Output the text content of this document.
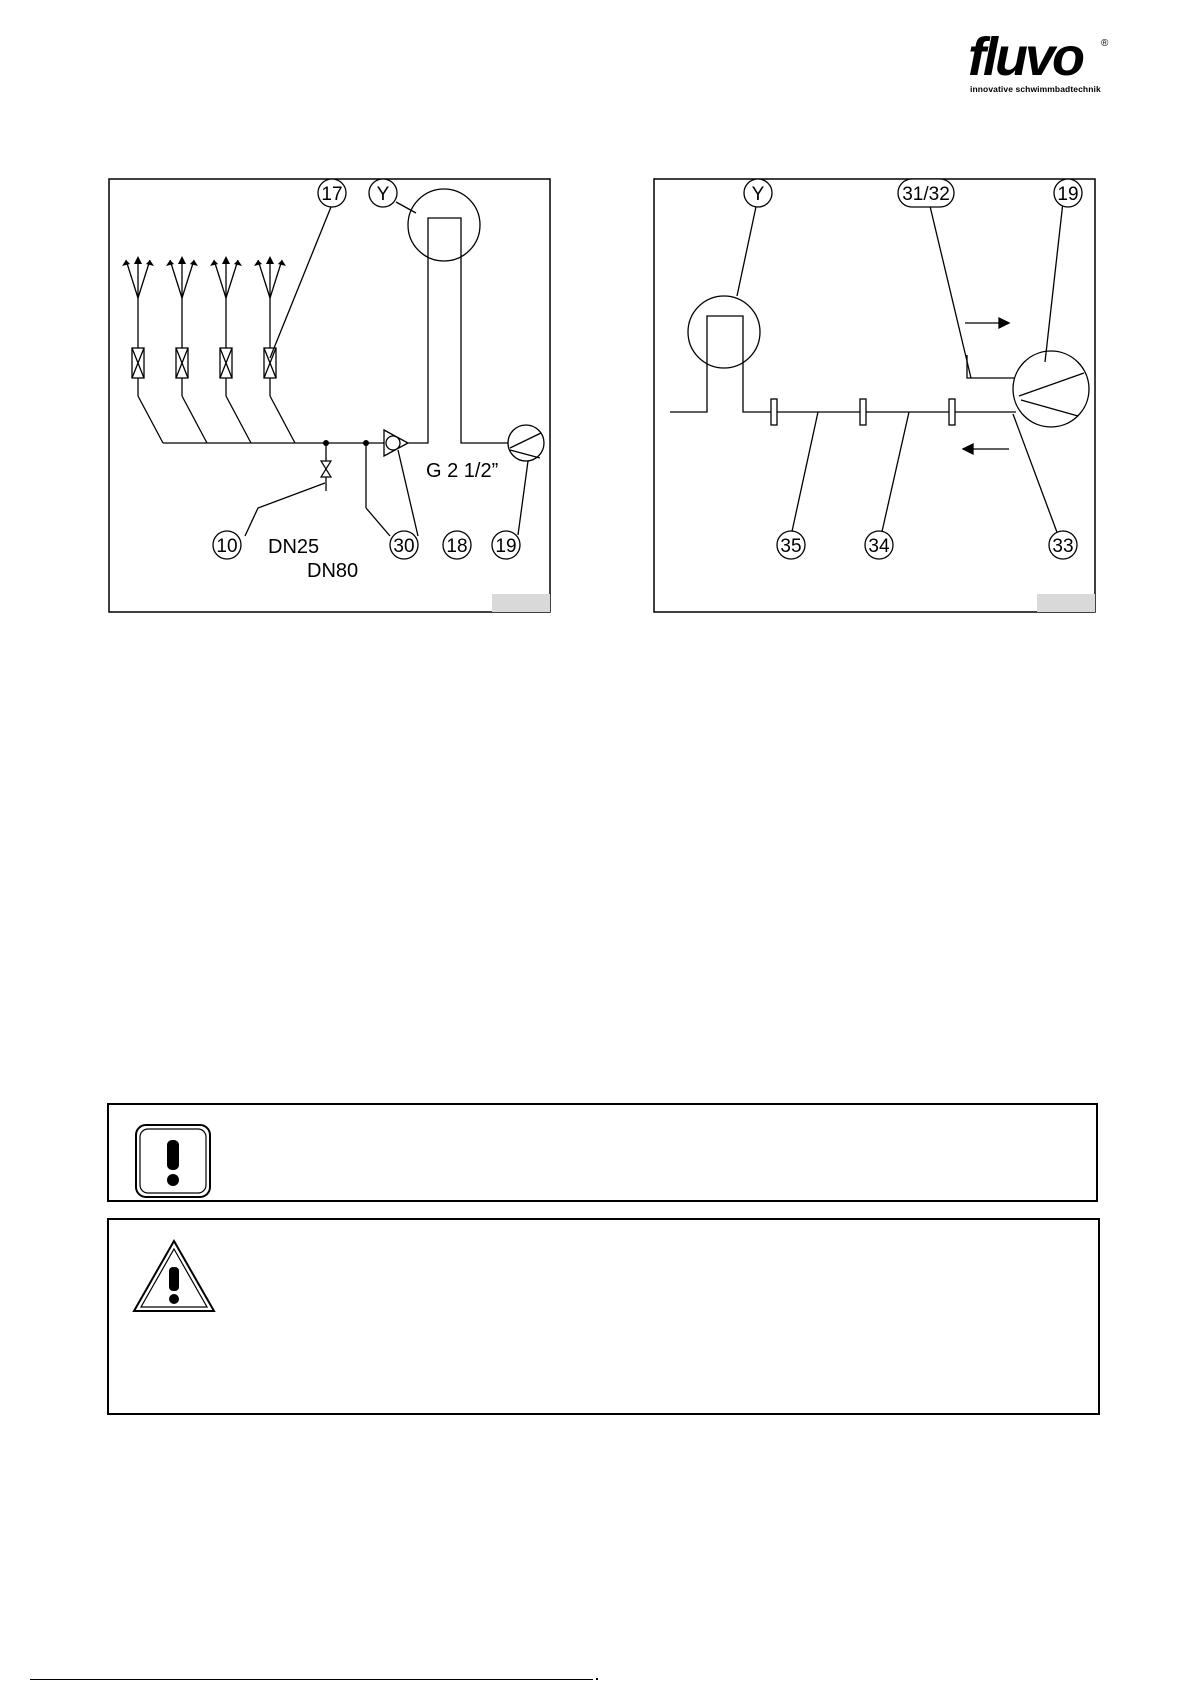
fluvo ®
innovative schwimmbadtechnik
17 Y
10	30 18 19
G 2 1/2”
DN25
DN80
Y	31/32	19
35	34	33
